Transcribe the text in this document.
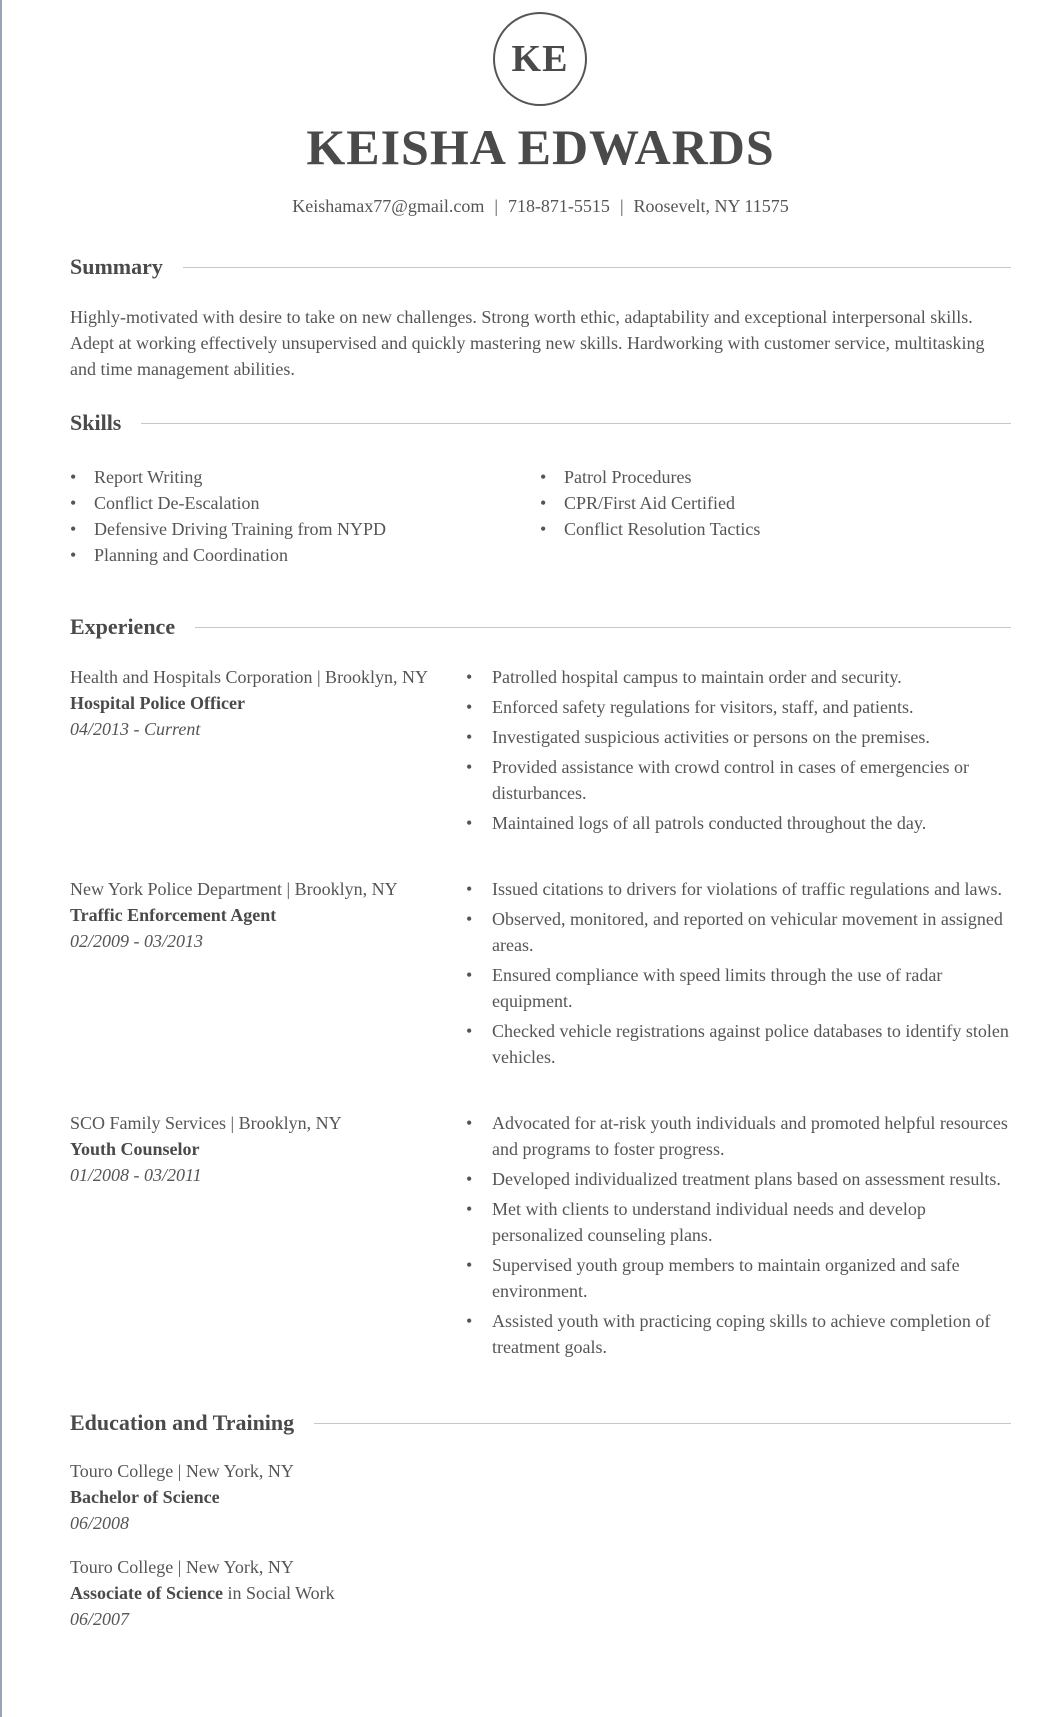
KE
KEISHA EDWARDS
Keishamax77@gmail.com | 718-871-5515 | Roosevelt, NY 11575
Summary

Highly-motivated with desire to take on new challenges. Strong worth ethic, adaptability and exceptional interpersonal skills. Adept at working effectively unsupervised and quickly mastering new skills. Hardworking with customer service, multitasking and time management abilities.

Skills
• Report Writing
• Conflict De-Escalation
• Defensive Driving Training from NYPD
• Planning and Coordination
• Patrol Procedures
• CPR/First Aid Certified
• Conflict Resolution Tactics
Experience
Health and Hospitals Corporation | Brooklyn, NY
Hospital Police Officer
04/2013 - Current
• Patrolled hospital campus to maintain order and security.
• Enforced safety regulations for visitors, staff, and patients.
• Investigated suspicious activities or persons on the premises.
• Provided assistance with crowd control in cases of emergencies or disturbances.
• Maintained logs of all patrols conducted throughout the day.
New York Police Department | Brooklyn, NY
Traffic Enforcement Agent
02/2009 - 03/2013
• Issued citations to drivers for violations of traffic regulations and laws.
• Observed, monitored, and reported on vehicular movement in assigned areas.
• Ensured compliance with speed limits through the use of radar equipment.
• Checked vehicle registrations against police databases to identify stolen vehicles.
SCO Family Services | Brooklyn, NY
Youth Counselor
01/2008 - 03/2011
• Advocated for at-risk youth individuals and promoted helpful resources and programs to foster progress.
• Developed individualized treatment plans based on assessment results.
• Met with clients to understand individual needs and develop personalized counseling plans.
• Supervised youth group members to maintain organized and safe environment.
• Assisted youth with practicing coping skills to achieve completion of treatment goals.
Education and Training
Touro College | New York, NY
Bachelor of Science
06/2008
Touro College | New York, NY
Associate of Science in Social Work
06/2007
